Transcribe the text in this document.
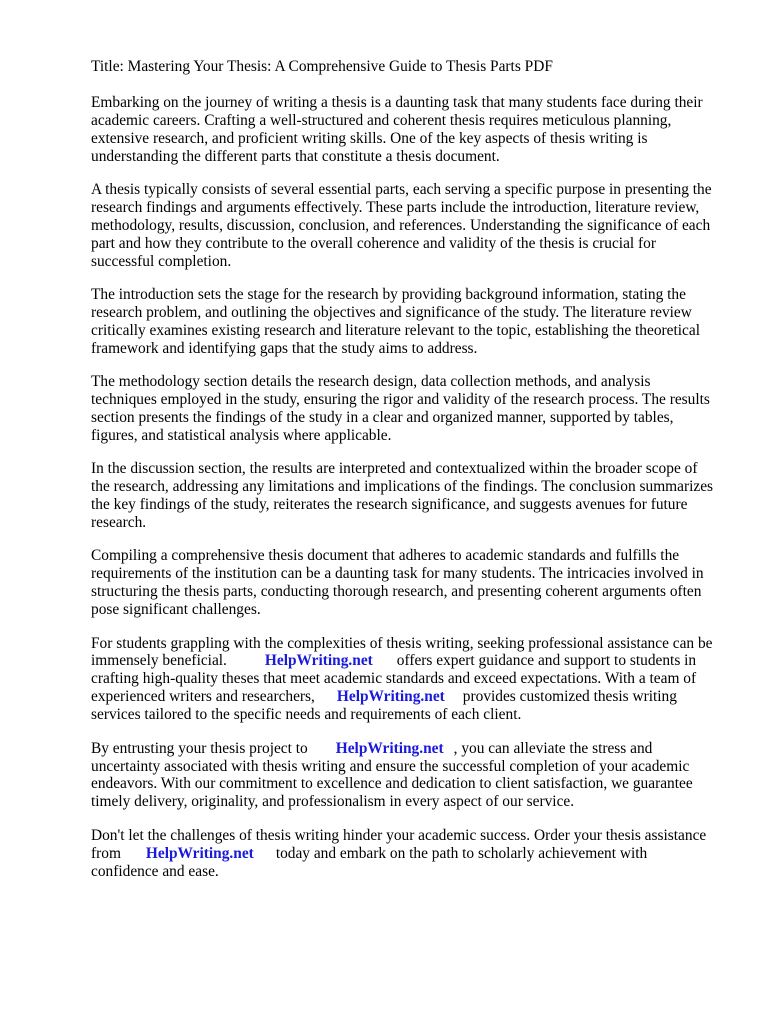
Title: Mastering Your Thesis: A Comprehensive Guide to Thesis Parts PDF
Embarking on the journey of writing a thesis is a daunting task that many students face during their
academic careers. Crafting a well-structured and coherent thesis requires meticulous planning,
extensive research, and proficient writing skills. One of the key aspects of thesis writing is
understanding the different parts that constitute a thesis document.
A thesis typically consists of several essential parts, each serving a specific purpose in presenting the
research findings and arguments effectively. These parts include the introduction, literature review,
methodology, results, discussion, conclusion, and references. Understanding the significance of each
part and how they contribute to the overall coherence and validity of the thesis is crucial for
successful completion.
The introduction sets the stage for the research by providing background information, stating the
research problem, and outlining the objectives and significance of the study. The literature review
critically examines existing research and literature relevant to the topic, establishing the theoretical
framework and identifying gaps that the study aims to address.
The methodology section details the research design, data collection methods, and analysis
techniques employed in the study, ensuring the rigor and validity of the research process. The results
section presents the findings of the study in a clear and organized manner, supported by tables,
figures, and statistical analysis where applicable.
In the discussion section, the results are interpreted and contextualized within the broader scope of
the research, addressing any limitations and implications of the findings. The conclusion summarizes
the key findings of the study, reiterates the research significance, and suggests avenues for future
research.
Compiling a comprehensive thesis document that adheres to academic standards and fulfills the
requirements of the institution can be a daunting task for many students. The intricacies involved in
structuring the thesis parts, conducting thorough research, and presenting coherent arguments often
pose significant challenges.
For students grappling with the complexities of thesis writing, seeking professional assistance can be
immensely beneficial. HelpWriting.net offers expert guidance and support to students in
crafting high-quality theses that meet academic standards and exceed expectations. With a team of
experienced writers and researchers, HelpWriting.net provides customized thesis writing
services tailored to the specific needs and requirements of each client.
By entrusting your thesis project to HelpWriting.net , you can alleviate the stress and
uncertainty associated with thesis writing and ensure the successful completion of your academic
endeavors. With our commitment to excellence and dedication to client satisfaction, we guarantee
timely delivery, originality, and professionalism in every aspect of our service.
Don't let the challenges of thesis writing hinder your academic success. Order your thesis assistance
from HelpWriting.net today and embark on the path to scholarly achievement with
confidence and ease.
